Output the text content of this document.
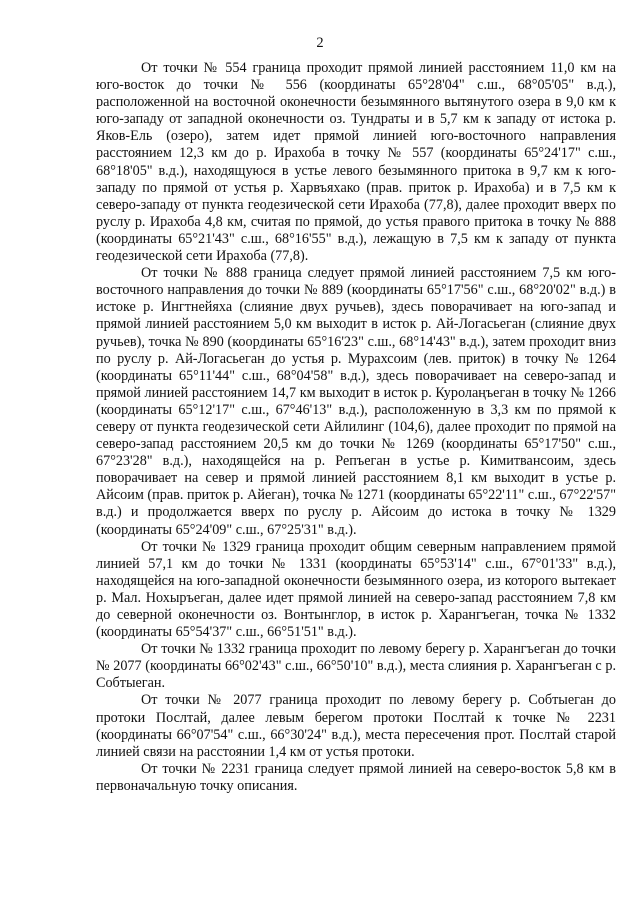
2

От точки № 554 граница проходит прямой линией расстоянием 11,0 км на юго-восток до точки № 556 (координаты 65°28'04" с.ш., 68°05'05" в.д.), расположенной на восточной оконечности безымянного вытянутого озера в 9,0 км к юго-западу от западной оконечности оз. Тундраты и в 5,7 км к западу от истока р. Яков-Ель (озеро), затем идет прямой линией юго-восточного направления расстоянием 12,3 км до р. Ирахоба в точку № 557 (координаты 65°24'17" с.ш., 68°18'05" в.д.), находящуюся в устье левого безымянного притока в 9,7 км к юго-западу по прямой от устья р. Харвъяхако (прав. приток р. Ирахоба) и в 7,5 км к северо-западу от пункта геодезической сети Ирахоба (77,8), далее проходит вверх по руслу р. Ирахоба 4,8 км, считая по прямой, до устья правого притока в точку № 888 (координаты 65°21'43" с.ш., 68°16'55" в.д.), лежащую в 7,5 км к западу от пункта геодезической сети Ирахоба (77,8).

От точки № 888 граница следует прямой линией расстоянием 7,5 км юго-восточного направления до точки № 889 (координаты 65°17'56" с.ш., 68°20'02" в.д.) в истоке р. Ингтнейяха (слияние двух ручьев), здесь поворачивает на юго-запад и прямой линией расстоянием 5,0 км выходит в исток р. Ай-Логасьеган (слияние двух ручьев), точка № 890 (координаты 65°16'23" с.ш., 68°14'43" в.д.), затем проходит вниз по руслу р. Ай-Логасьеган до устья р. Мурахсоим (лев. приток) в точку № 1264 (координаты 65°11'44" с.ш., 68°04'58" в.д.), здесь поворачивает на северо-запад и прямой линией расстоянием 14,7 км выходит в исток р. Куролаңъеган в точку № 1266 (координаты 65°12'17" с.ш., 67°46'13" в.д.), расположенную в 3,3 км по прямой к северу от пункта геодезической сети Айлилинг (104,6), далее проходит по прямой на северо-запад расстоянием 20,5 км до точки № 1269 (координаты 65°17'50" с.ш., 67°23'28" в.д.), находящейся на р. Репъеган в устье р. Кимитвансоим, здесь поворачивает на север и прямой линией расстоянием 8,1 км выходит в устье р. Айсоим (прав. приток р. Айеган), точка № 1271 (координаты 65°22'11" с.ш., 67°22'57" в.д.) и продолжается вверх по руслу р. Айсоим до истока в точку № 1329 (координаты 65°24'09" с.ш., 67°25'31" в.д.).

От точки № 1329 граница проходит общим северным направлением прямой линией 57,1 км до точки № 1331 (координаты 65°53'14" с.ш., 67°01'33" в.д.), находящейся на юго-западной оконечности безымянного озера, из которого вытекает р. Мал. Нохыръеган, далее идет прямой линией на северо-запад расстоянием 7,8 км до северной оконечности оз. Вонтынглор, в исток р. Харангъеган, точка № 1332 (координаты 65°54'37" с.ш., 66°51'51" в.д.).

От точки № 1332 граница проходит по левому берегу р. Харангъеган до точки № 2077 (координаты 66°02'43" с.ш., 66°50'10" в.д.), места слияния р. Харангъеган с р. Собтыеган.

От точки № 2077 граница проходит по левому берегу р. Собтыеган до протоки Послтай, далее левым берегом протоки Послтай к точке № 2231 (координаты 66°07'54" с.ш., 66°30'24" в.д.), места пересечения прот. Послтай старой линией связи на расстоянии 1,4 км от устья протоки.

От точки № 2231 граница следует прямой линией на северо-восток 5,8 км в первоначальную точку описания.
